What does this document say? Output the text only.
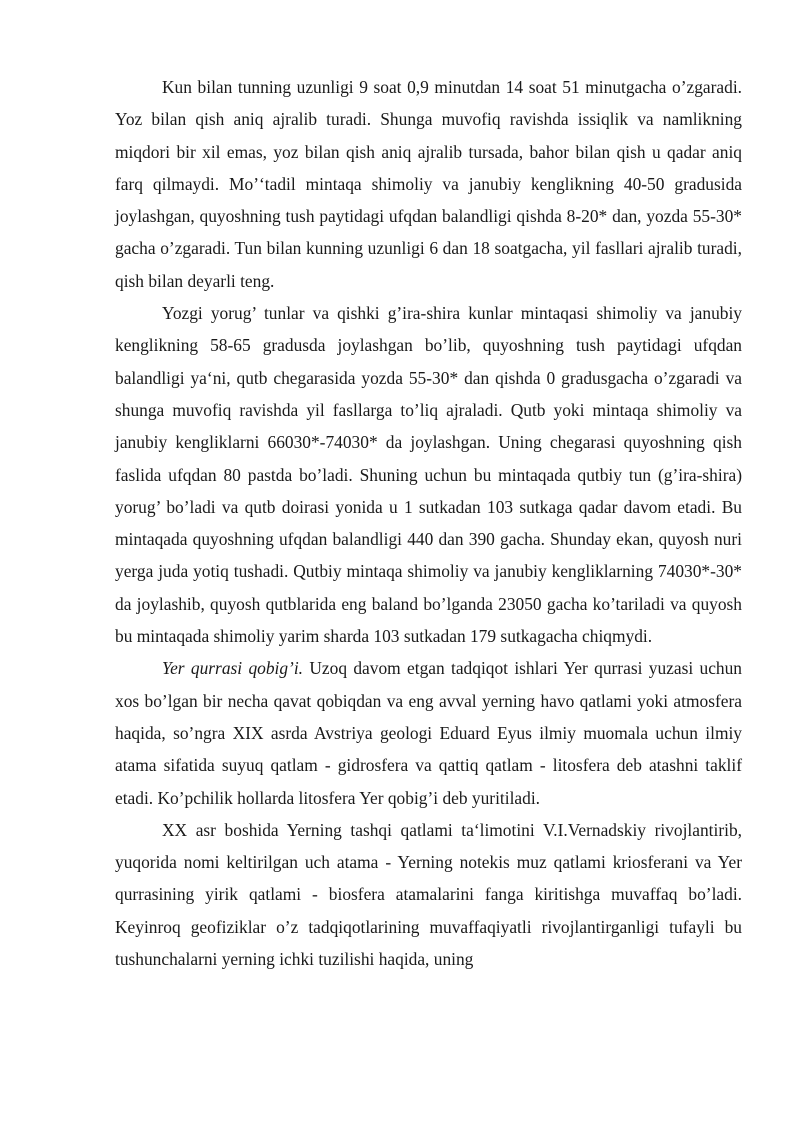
Kun bilan tunning uzunligi 9 soat 0,9 minutdan 14 soat 51 minutgacha o’zgaradi. Yoz bilan qish aniq ajralib turadi. Shunga muvofiq ravishda issiqlik va namlikning miqdori bir xil emas, yoz bilan qish aniq ajralib tursada, bahor bilan qish u qadar aniq farq qilmaydi. Mo’‘tadil mintaqa shimoliy va janubiy kenglikning 40-50 gradusida joylashgan, quyoshning tush paytidagi ufqdan balandligi qishda 8-20* dan, yozda 55-30* gacha o’zgaradi. Tun bilan kunning uzunligi 6 dan 18 soatgacha, yil fasllari ajralib turadi, qish bilan deyarli teng.

Yozgi yorug’ tunlar va qishki g’ira-shira kunlar mintaqasi shimoliy va janubiy kenglikning 58-65 gradusda joylashgan bo’lib, quyoshning tush paytidagi ufqdan balandligi ya‘ni, qutb chegarasida yozda 55-30* dan qishda 0 gradusgacha o’zgaradi va shunga muvofiq ravishda yil fasllarga to’liq ajraladi. Qutb yoki mintaqa shimoliy va janubiy kengliklarni 66030*-74030* da joylashgan. Uning chegarasi quyoshning qish faslida ufqdan 80 pastda bo’ladi. Shuning uchun bu mintaqada qutbiy tun (g’ira-shira) yorug’ bo’ladi va qutb doirasi yonida u 1 sutkadan 103 sutkaga qadar davom etadi. Bu mintaqada quyoshning ufqdan balandligi 440 dan 390 gacha. Shunday ekan, quyosh nuri yerga juda yotiq tushadi. Qutbiy mintaqa shimoliy va janubiy kengliklarning 74030*-30* da joylashib, quyosh qutblarida eng baland bo’lganda 23050 gacha ko’tariladi va quyosh bu mintaqada shimoliy yarim sharda 103 sutkadan 179 sutkagacha chiqmydi.

Yer qurrasi qobig’i. Uzoq davom etgan tadqiqot ishlari Yer qurrasi yuzasi uchun xos bo’lgan bir necha qavat qobiqdan va eng avval yerning havo qatlami yoki atmosfera haqida, so’ngra XIX asrda Avstriya geologi Eduard Eyus ilmiy muomala uchun ilmiy atama sifatida suyuq qatlam - gidrosfera va qattiq qatlam - litosfera deb atashni taklif etadi. Ko’pchilik hollarda litosfera Yer qobig’i deb yuritiladi.

XX asr boshida Yerning tashqi qatlami ta‘limotini V.I.Vernadskiy rivojlantirib, yuqorida nomi keltirilgan uch atama - Yerning notekis muz qatlami kriosferani va Yer qurrasining yirik qatlami - biosfera atamalarini fanga kiritishga muvaffaq bo’ladi. Keyinroq geofiziklar o’z tadqiqotlarining muvaffaqiyatli rivojlantirganligi tufayli bu tushunchalarni yerning ichki tuzilishi haqida, uning
